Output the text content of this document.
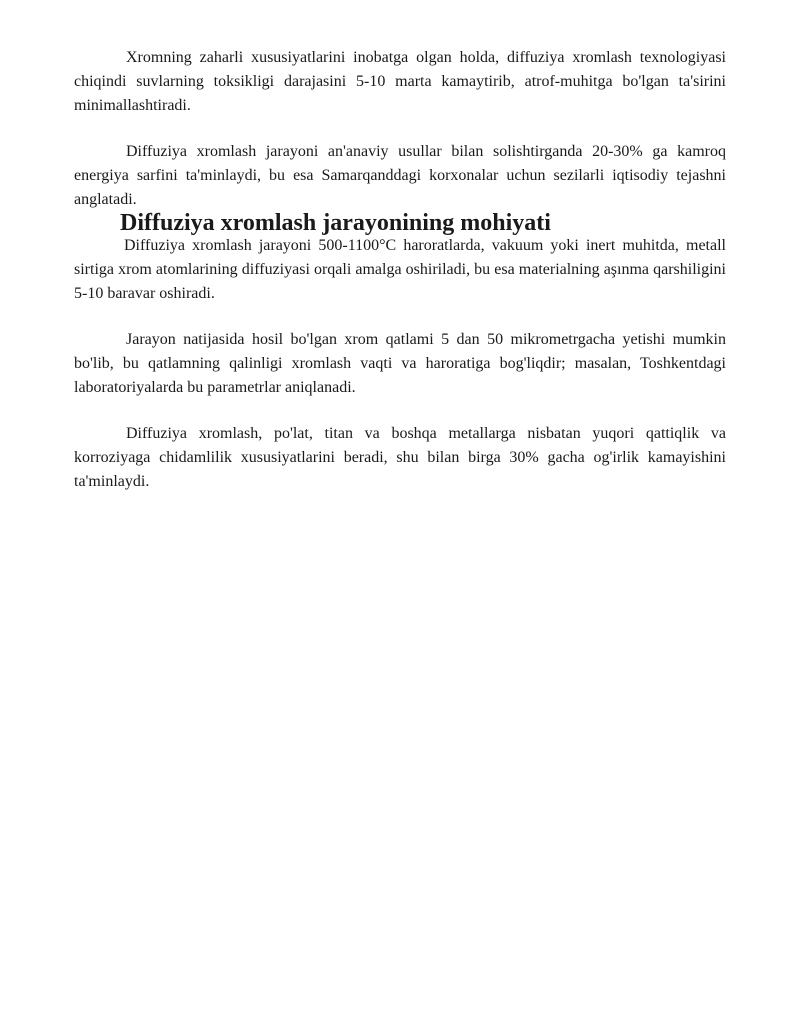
Xromning zaharli xususiyatlarini inobatga olgan holda, diffuziya xromlash texnologiyasi chiqindi suvlarning toksikligi darajasini 5-10 marta kamaytirib, atrof-muhitga bo'lgan ta'sirini minimallashtiradi.

Diffuziya xromlash jarayoni an'anaviy usullar bilan solishtirganda 20-30% ga kamroq energiya sarfini ta'minlaydi, bu esa Samarqanddagi korxonalar uchun sezilarli iqtisodiy tejashni anglatadi.

Diffuziya xromlash jarayonining mohiyati

Diffuziya xromlash jarayoni 500-1100°C haroratlarda, vakuum yoki inert muhitda, metall sirtiga xrom atomlarining diffuziyasi orqali amalga oshiriladi, bu esa materialning aşınma qarshiligini 5-10 baravar oshiradi.

Jarayon natijasida hosil bo'lgan xrom qatlami 5 dan 50 mikrometrgacha yetishi mumkin bo'lib, bu qatlamning qalinligi xromlash vaqti va haroratiga bog'liqdir; masalan, Toshkentdagi laboratoriyalarda bu parametrlar aniqlanadi.

Diffuziya xromlash, po'lat, titan va boshqa metallarga nisbatan yuqori qattiqlik va korroziyaga chidamlilik xususiyatlarini beradi, shu bilan birga 30% gacha og'irlik kamayishini ta'minlaydi.
